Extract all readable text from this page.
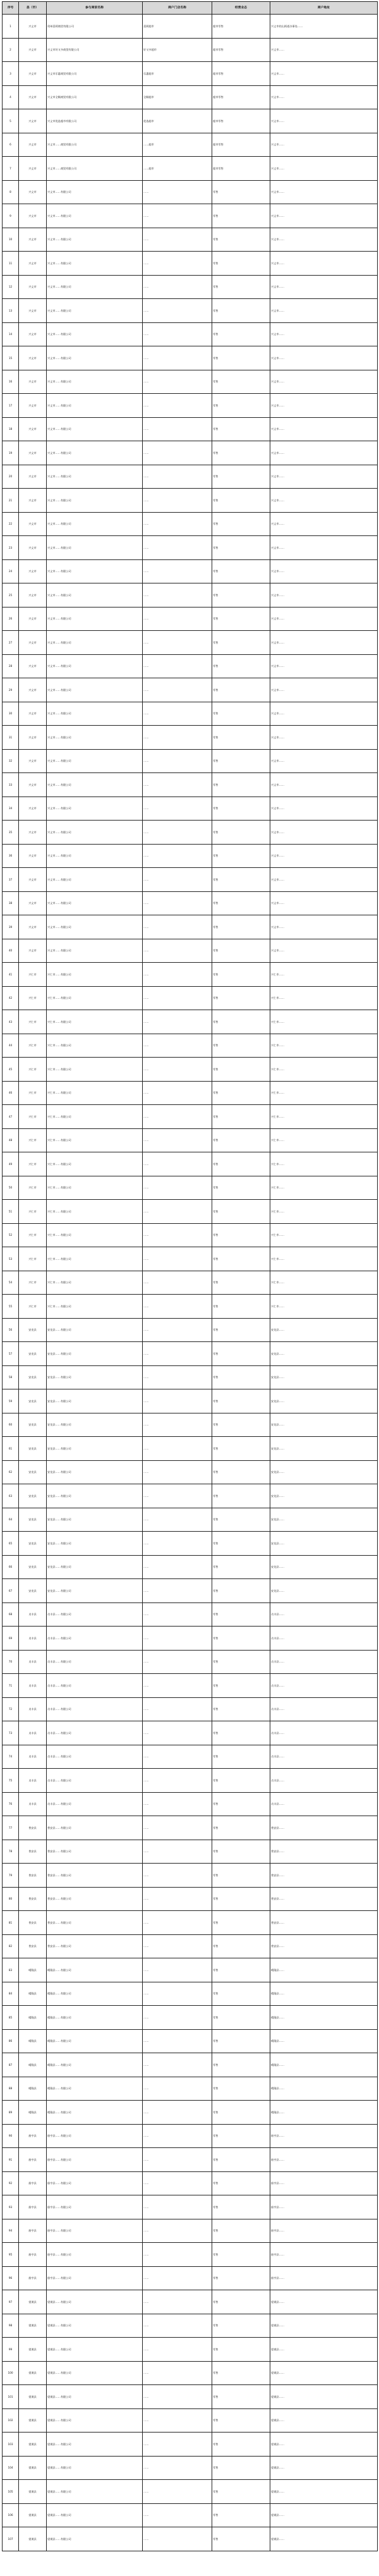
序号	县（市）	参与商家名称	商户门店名称	经营业态	商户地址
1	兴义市	贵州喜阿商贸有限公司	喜阿超市	超市零售	兴义市桔山街道办事处……
2	兴义市	兴义市好又多商贸有限公司	好又多超市	超市零售	兴义市……
3	兴义市	兴义市乐惠商贸有限公司	乐惠超市	超市零售	兴义市……
4	兴义市	兴义市全顺商贸有限公司	全顺超市	超市零售	兴义市……
5	兴义市	兴义市优选超市有限公司	优选超市	超市零售	兴义市……
6	兴义市	兴义市……商贸有限公司	……超市	超市零售	兴义市……
7	兴义市	兴义市……商贸有限公司	……超市	超市零售	兴义市……
8	兴义市	兴义市……有限公司	……	零售	兴义市……
9	兴义市	兴义市……有限公司	……	零售	兴义市……
10	兴义市	兴义市……有限公司	……	零售	兴义市……
11	兴义市	兴义市……有限公司	……	零售	兴义市……
12	兴义市	兴义市……有限公司	……	零售	兴义市……
13	兴义市	兴义市……有限公司	……	零售	兴义市……
14	兴义市	兴义市……有限公司	……	零售	兴义市……
15	兴义市	兴义市……有限公司	……	零售	兴义市……
16	兴义市	兴义市……有限公司	……	零售	兴义市……
17	兴义市	兴义市……有限公司	……	零售	兴义市……
18	兴义市	兴义市……有限公司	……	零售	兴义市……
19	兴义市	兴义市……有限公司	……	零售	兴义市……
20	兴义市	兴义市……有限公司	……	零售	兴义市……
21	兴义市	兴义市……有限公司	……	零售	兴义市……
22	兴义市	兴义市……有限公司	……	零售	兴义市……
23	兴义市	兴义市……有限公司	……	零售	兴义市……
24	兴义市	兴义市……有限公司	……	零售	兴义市……
25	兴义市	兴义市……有限公司	……	零售	兴义市……
26	兴义市	兴义市……有限公司	……	零售	兴义市……
27	兴义市	兴义市……有限公司	……	零售	兴义市……
28	兴义市	兴义市……有限公司	……	零售	兴义市……
29	兴义市	兴义市……有限公司	……	零售	兴义市……
30	兴义市	兴义市……有限公司	……	零售	兴义市……
31	兴义市	兴义市……有限公司	……	零售	兴义市……
32	兴义市	兴义市……有限公司	……	零售	兴义市……
33	兴义市	兴义市……有限公司	……	零售	兴义市……
34	兴义市	兴义市……有限公司	……	零售	兴义市……
35	兴义市	兴义市……有限公司	……	零售	兴义市……
36	兴义市	兴义市……有限公司	……	零售	兴义市……
37	兴义市	兴义市……有限公司	……	零售	兴义市……
38	兴义市	兴义市……有限公司	……	零售	兴义市……
39	兴义市	兴义市……有限公司	……	零售	兴义市……
40	兴义市	兴义市……有限公司	……	零售	兴义市……
41	兴仁市	兴仁市……有限公司	……	零售	兴仁市……
42	兴仁市	兴仁市……有限公司	……	零售	兴仁市……
43	兴仁市	兴仁市……有限公司	……	零售	兴仁市……
44	兴仁市	兴仁市……有限公司	……	零售	兴仁市……
45	兴仁市	兴仁市……有限公司	……	零售	兴仁市……
46	兴仁市	兴仁市……有限公司	……	零售	兴仁市……
47	兴仁市	兴仁市……有限公司	……	零售	兴仁市……
48	兴仁市	兴仁市……有限公司	……	零售	兴仁市……
49	兴仁市	兴仁市……有限公司	……	零售	兴仁市……
50	兴仁市	兴仁市……有限公司	……	零售	兴仁市……
51	兴仁市	兴仁市……有限公司	……	零售	兴仁市……
52	兴仁市	兴仁市……有限公司	……	零售	兴仁市……
53	兴仁市	兴仁市……有限公司	……	零售	兴仁市……
54	兴仁市	兴仁市……有限公司	……	零售	兴仁市……
55	兴仁市	兴仁市……有限公司	……	零售	兴仁市……
56	安龙县	安龙县……有限公司	……	零售	安龙县……
57	安龙县	安龙县……有限公司	……	零售	安龙县……
58	安龙县	安龙县……有限公司	……	零售	安龙县……
59	安龙县	安龙县……有限公司	……	零售	安龙县……
60	安龙县	安龙县……有限公司	……	零售	安龙县……
61	安龙县	安龙县……有限公司	……	零售	安龙县……
62	安龙县	安龙县……有限公司	……	零售	安龙县……
63	安龙县	安龙县……有限公司	……	零售	安龙县……
64	安龙县	安龙县……有限公司	……	零售	安龙县……
65	安龙县	安龙县……有限公司	……	零售	安龙县……
66	安龙县	安龙县……有限公司	……	零售	安龙县……
67	安龙县	安龙县……有限公司	……	零售	安龙县……
68	贞丰县	贞丰县……有限公司	……	零售	贞丰县……
69	贞丰县	贞丰县……有限公司	……	零售	贞丰县……
70	贞丰县	贞丰县……有限公司	……	零售	贞丰县……
71	贞丰县	贞丰县……有限公司	……	零售	贞丰县……
72	贞丰县	贞丰县……有限公司	……	零售	贞丰县……
73	贞丰县	贞丰县……有限公司	……	零售	贞丰县……
74	贞丰县	贞丰县……有限公司	……	零售	贞丰县……
75	贞丰县	贞丰县……有限公司	……	零售	贞丰县……
76	贞丰县	贞丰县……有限公司	……	零售	贞丰县……
77	普安县	普安县……有限公司	……	零售	普安县……
78	普安县	普安县……有限公司	……	零售	普安县……
79	普安县	普安县……有限公司	……	零售	普安县……
80	普安县	普安县……有限公司	……	零售	普安县……
81	普安县	普安县……有限公司	……	零售	普安县……
82	普安县	普安县……有限公司	……	零售	普安县……
83	晴隆县	晴隆县……有限公司	……	零售	晴隆县……
84	晴隆县	晴隆县……有限公司	……	零售	晴隆县……
85	晴隆县	晴隆县……有限公司	……	零售	晴隆县……
86	晴隆县	晴隆县……有限公司	……	零售	晴隆县……
87	晴隆县	晴隆县……有限公司	……	零售	晴隆县……
88	晴隆县	晴隆县……有限公司	……	零售	晴隆县……
89	晴隆县	晴隆县……有限公司	……	零售	晴隆县……
90	册亨县	册亨县……有限公司	……	零售	册亨县……
91	册亨县	册亨县……有限公司	……	零售	册亨县……
92	册亨县	册亨县……有限公司	……	零售	册亨县……
93	册亨县	册亨县……有限公司	……	零售	册亨县……
94	册亨县	册亨县……有限公司	……	零售	册亨县……
95	册亨县	册亨县……有限公司	……	零售	册亨县……
96	册亨县	册亨县……有限公司	……	零售	册亨县……
97	望谟县	望谟县……有限公司	……	零售	望谟县……
98	望谟县	望谟县……有限公司	……	零售	望谟县……
99	望谟县	望谟县……有限公司	……	零售	望谟县……
100	望谟县	望谟县……有限公司	……	零售	望谟县……
101	望谟县	望谟县……有限公司	……	零售	望谟县……
102	望谟县	望谟县……有限公司	……	零售	望谟县……
103	望谟县	望谟县……有限公司	……	零售	望谟县……
104	望谟县	望谟县……有限公司	……	零售	望谟县……
105	望谟县	望谟县……有限公司	……	零售	望谟县……
106	望谟县	望谟县……有限公司	……	零售	望谟县……
107	望谟县	望谟县……有限公司	……	零售	望谟县……
